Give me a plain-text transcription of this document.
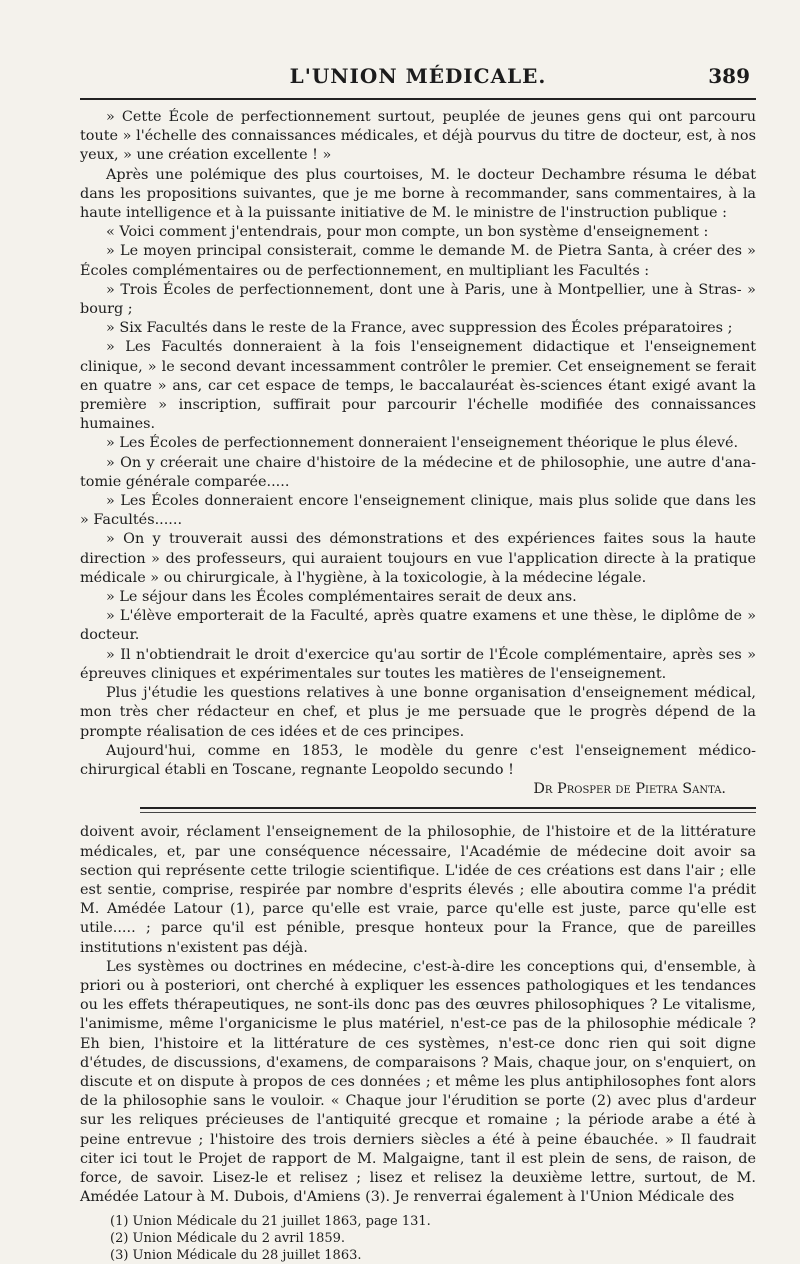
L'UNION MÉDICALE.	389

» Cette École de perfectionnement surtout, peuplée de jeunes gens qui ont parcouru toute » l'échelle des connaissances médicales, et déjà pourvus du titre de docteur, est, à nos yeux, » une création excellente ! »

Après une polémique des plus courtoises, M. le docteur Dechambre résuma le débat dans les propositions suivantes, que je me borne à recommander, sans commentaires, à la haute intelligence et à la puissante initiative de M. le ministre de l'instruction publique :

« Voici comment j'entendrais, pour mon compte, un bon système d'enseignement :

» Le moyen principal consisterait, comme le demande M. de Pietra Santa, à créer des » Écoles complémentaires ou de perfectionnement, en multipliant les Facultés :

» Trois Écoles de perfectionnement, dont une à Paris, une à Montpellier, une à Stras- » bourg ;

» Six Facultés dans le reste de la France, avec suppression des Écoles préparatoires ;

» Les Facultés donneraient à la fois l'enseignement didactique et l'enseignement clinique, » le second devant incessamment contrôler le premier. Cet enseignement se ferait en quatre » ans, car cet espace de temps, le baccalauréat ès-sciences étant exigé avant la première » inscription, suffirait pour parcourir l'échelle modifiée des connaissances humaines.

» Les Écoles de perfectionnement donneraient l'enseignement théorique le plus élevé.

» On y créerait une chaire d'histoire de la médecine et de philosophie, une autre d'ana- tomie générale comparée.....

» Les Écoles donneraient encore l'enseignement clinique, mais plus solide que dans les » Facultés......

» On y trouverait aussi des démonstrations et des expériences faites sous la haute direction » des professeurs, qui auraient toujours en vue l'application directe à la pratique médicale » ou chirurgicale, à l'hygiène, à la toxicologie, à la médecine légale.

» Le séjour dans les Écoles complémentaires serait de deux ans.

» L'élève emporterait de la Faculté, après quatre examens et une thèse, le diplôme de » docteur.

» Il n'obtiendrait le droit d'exercice qu'au sortir de l'École complémentaire, après ses » épreuves cliniques et expérimentales sur toutes les matières de l'enseignement.

Plus j'étudie les questions relatives à une bonne organisation d'enseignement médical, mon très cher rédacteur en chef, et plus je me persuade que le progrès dépend de la prompte réalisation de ces idées et de ces principes.

Aujourd'hui, comme en 1853, le modèle du genre c'est l'enseignement médico-chirurgical établi en Toscane, regnante Leopoldo secundo !

Dr Prosper de Pietra Santa.

doivent avoir, réclament l'enseignement de la philosophie, de l'histoire et de la littérature médicales, et, par une conséquence nécessaire, l'Académie de médecine doit avoir sa section qui représente cette trilogie scientifique. L'idée de ces créations est dans l'air ; elle est sentie, comprise, respirée par nombre d'esprits élevés ; elle aboutira comme l'a prédit M. Amédée Latour (1), parce qu'elle est vraie, parce qu'elle est juste, parce qu'elle est utile..... ; parce qu'il est pénible, presque honteux pour la France, que de pareilles institutions n'existent pas déjà.

Les systèmes ou doctrines en médecine, c'est-à-dire les conceptions qui, d'ensemble, à priori ou à posteriori, ont cherché à expliquer les essences pathologiques et les tendances ou les effets thérapeutiques, ne sont-ils donc pas des œuvres philosophiques ? Le vitalisme, l'animisme, même l'organicisme le plus matériel, n'est-ce pas de la philosophie médicale ? Eh bien, l'histoire et la littérature de ces systèmes, n'est-ce donc rien qui soit digne d'études, de discussions, d'examens, de comparaisons ? Mais, chaque jour, on s'enquiert, on discute et on dispute à propos de ces données ; et même les plus antiphilosophes font alors de la philosophie sans le vouloir. « Chaque jour l'érudition se porte (2) avec plus d'ardeur sur les reliques précieuses de l'antiquité grecque et romaine ; la période arabe a été à peine entrevue ; l'histoire des trois derniers siècles a été à peine ébauchée. » Il faudrait citer ici tout le Projet de rapport de M. Malgaigne, tant il est plein de sens, de raison, de force, de savoir. Lisez-le et relisez ; lisez et relisez la deuxième lettre, surtout, de M. Amédée Latour à M. Dubois, d'Amiens (3). Je renverrai également à l'Union Médicale des

(1) Union Médicale du 21 juillet 1863, page 131.

(2) Union Médicale du 2 avril 1859.

(3) Union Médicale du 28 juillet 1863.
